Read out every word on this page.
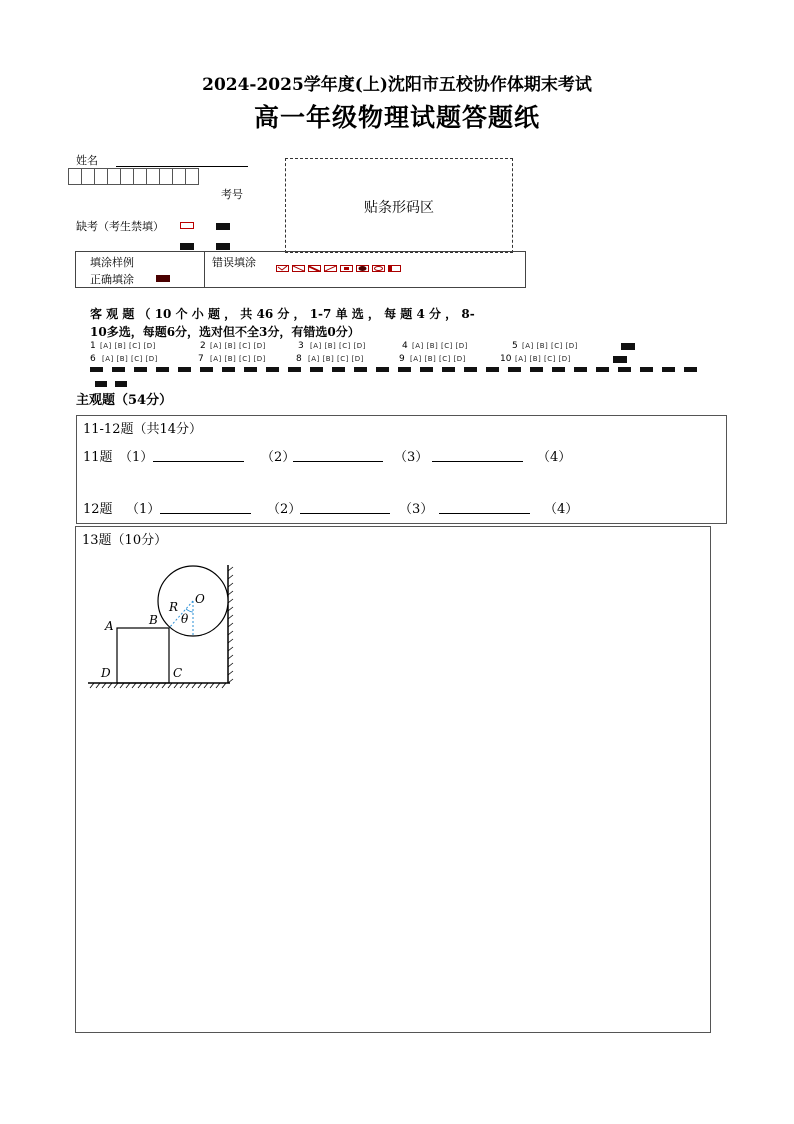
2024-2025学年度(上)沈阳市五校协作体期末考试
高一年级物理试题答题纸
姓名
考号
缺考（考生禁填）
贴条形码区
填涂样例
正确填涂
错误填涂
客 观 题 （ 10 个 小 题 ， 共 46 分 ， 1-7 单 选 ， 每 题 4 分 ， 8-
10多选，每题6分，选对但不全3分，有错选0分）
1 [A] [B] [C] [D]	2 [A] [B] [C] [D]	3 [A] [B] [C] [D]	4 [A] [B] [C] [D]	5 [A] [B] [C] [D]
6 [A] [B] [C] [D]	7 [A] [B] [C] [D]	8 [A] [B] [C] [D]	9 [A] [B] [C] [D]	10 [A] [B] [C] [D]
主观题（54分）
11-12题（共14分）
11题 （1）	（2）	（3）	（4）
12题 （1）	（2）	（3）	（4）
13题（10分）
O
R
θ
A	B
D	C
